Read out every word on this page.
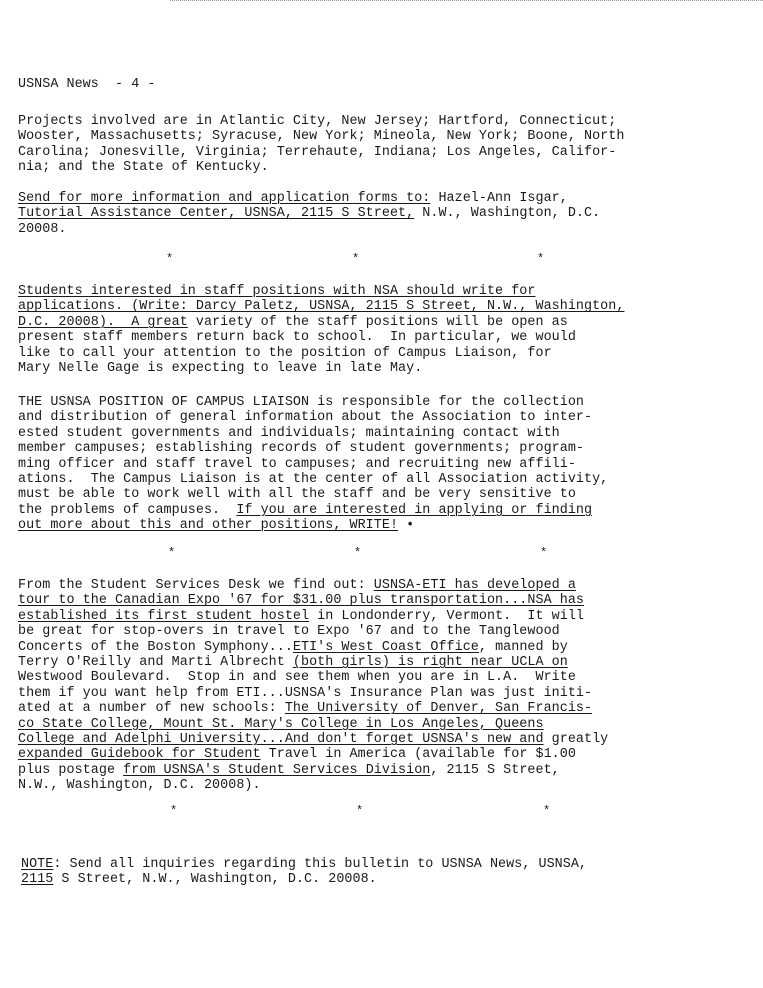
USNSA News  - 4 -
Projects involved are in Atlantic City, New Jersey; Hartford, Connecticut;
Wooster, Massachusetts; Syracuse, New York; Mineola, New York; Boone, North
Carolina; Jonesville, Virginia; Terrehaute, Indiana; Los Angeles, Califor-
nia; and the State of Kentucky.
Send for more information and application forms to: Hazel-Ann Isgar,
Tutorial Assistance Center, USNSA, 2115 S Street, N.W., Washington, D.C.
20008.
*	*	*
Students interested in staff positions with NSA should write for
applications. (Write: Darcy Paletz, USNSA, 2115 S Street, N.W., Washington,
D.C. 20008).  A great variety of the staff positions will be open as
present staff members return back to school.  In particular, we would
like to call your attention to the position of Campus Liaison, for
Mary Nelle Gage is expecting to leave in late May.
THE USNSA POSITION OF CAMPUS LIAISON is responsible for the collection
and distribution of general information about the Association to inter-
ested student governments and individuals; maintaining contact with
member campuses; establishing records of student governments; program-
ming officer and staff travel to campuses; and recruiting new affili-
ations.  The Campus Liaison is at the center of all Association activity,
must be able to work well with all the staff and be very sensitive to
the problems of campuses.  If you are interested in applying or finding
out more about this and other positions, WRITE! •
*	*	*
From the Student Services Desk we find out: USNSA-ETI has developed a
tour to the Canadian Expo '67 for $31.00 plus transportation...NSA has
established its first student hostel in Londonderry, Vermont.  It will
be great for stop-overs in travel to Expo '67 and to the Tanglewood
Concerts of the Boston Symphony...ETI's West Coast Office, manned by
Terry O'Reilly and Marti Albrecht (both girls) is right near UCLA on
Westwood Boulevard.  Stop in and see them when you are in L.A.  Write
them if you want help from ETI...USNSA's Insurance Plan was just initi-
ated at a number of new schools: The University of Denver, San Francis-
co State College, Mount St. Mary's College in Los Angeles, Queens
College and Adelphi University...And don't forget USNSA's new and greatly
expanded Guidebook for Student Travel in America (available for $1.00
plus postage from USNSA's Student Services Division, 2115 S Street,
N.W., Washington, D.C. 20008).
*	*	*
NOTE: Send all inquiries regarding this bulletin to USNSA News, USNSA,
2115 S Street, N.W., Washington, D.C. 20008.
